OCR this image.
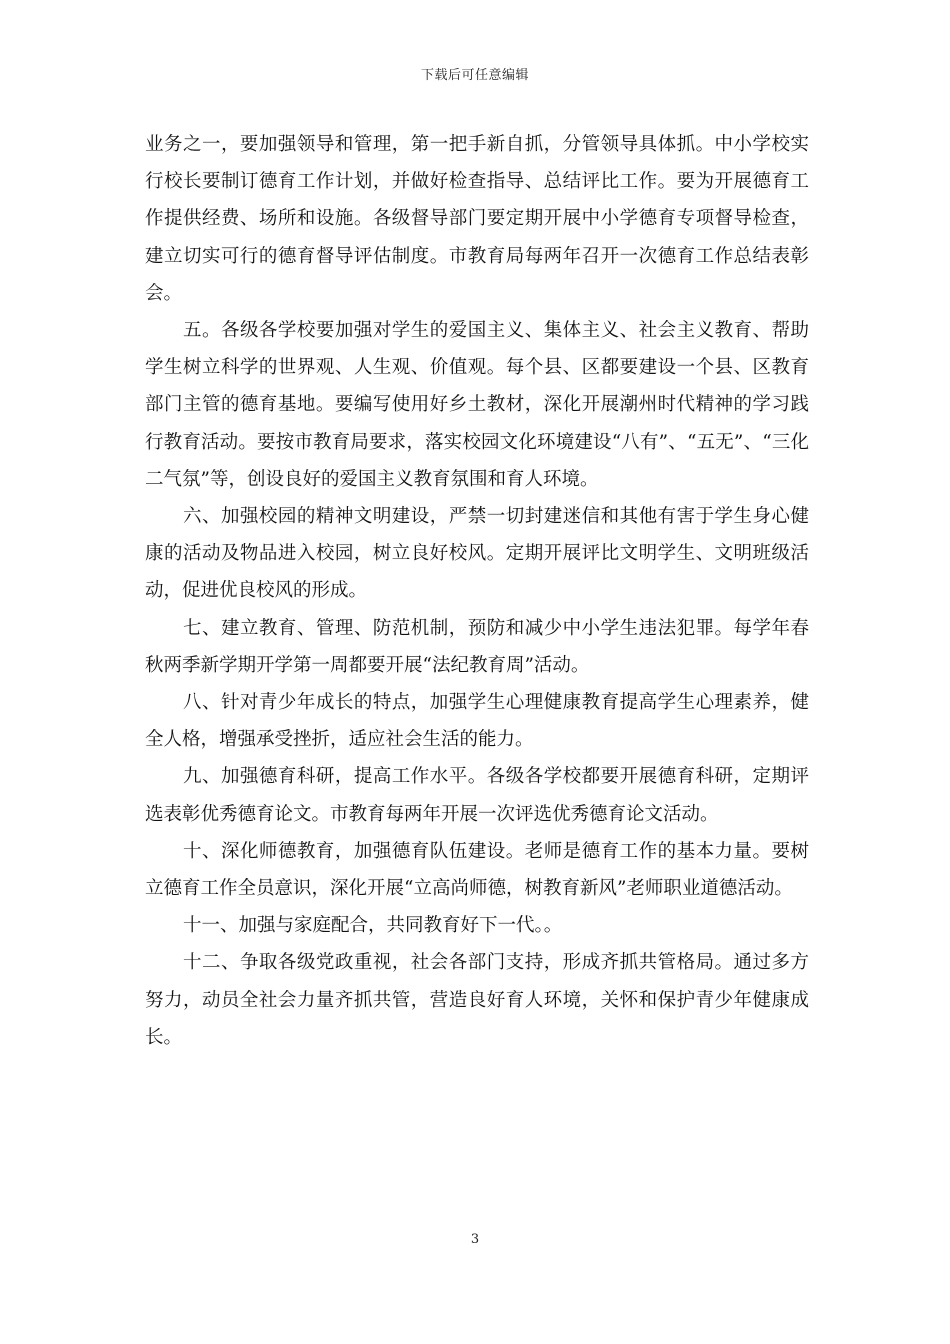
下载后可任意编辑

业务之一，要加强领导和管理，第一把手新自抓，分管领导具体抓。中小学校实行校长要制订德育工作计划，并做好检查指导、总结评比工作。要为开展德育工作提供经费、场所和设施。各级督导部门要定期开展中小学德育专项督导检查，建立切实可行的德育督导评估制度。市教育局每两年召开一次德育工作总结表彰会。

五。各级各学校要加强对学生的爱国主义、集体主义、社会主义教育、帮助学生树立科学的世界观、人生观、价值观。每个县、区都要建设一个县、区教育部门主管的德育基地。要编写使用好乡土教材，深化开展潮州时代精神的学习践行教育活动。要按市教育局要求，落实校园文化环境建设“八有”、“五无”、“三化二气氛”等，创设良好的爱国主义教育氛围和育人环境。

六、加强校园的精神文明建设，严禁一切封建迷信和其他有害于学生身心健康的活动及物品进入校园，树立良好校风。定期开展评比文明学生、文明班级活动，促进优良校风的形成。

七、建立教育、管理、防范机制，预防和减少中小学生违法犯罪。每学年春秋两季新学期开学第一周都要开展“法纪教育周”活动。

八、针对青少年成长的特点，加强学生心理健康教育提高学生心理素养，健全人格，增强承受挫折，适应社会生活的能力。

九、加强德育科研，提高工作水平。各级各学校都要开展德育科研，定期评选表彰优秀德育论文。市教育每两年开展一次评选优秀德育论文活动。

十、深化师德教育，加强德育队伍建设。老师是德育工作的基本力量。要树立德育工作全员意识，深化开展“立高尚师德，树教育新风”老师职业道德活动。

十一、加强与家庭配合，共同教育好下一代。。

十二、争取各级党政重视，社会各部门支持，形成齐抓共管格局。通过多方努力，动员全社会力量齐抓共管，营造良好育人环境，关怀和保护青少年健康成长。

3
